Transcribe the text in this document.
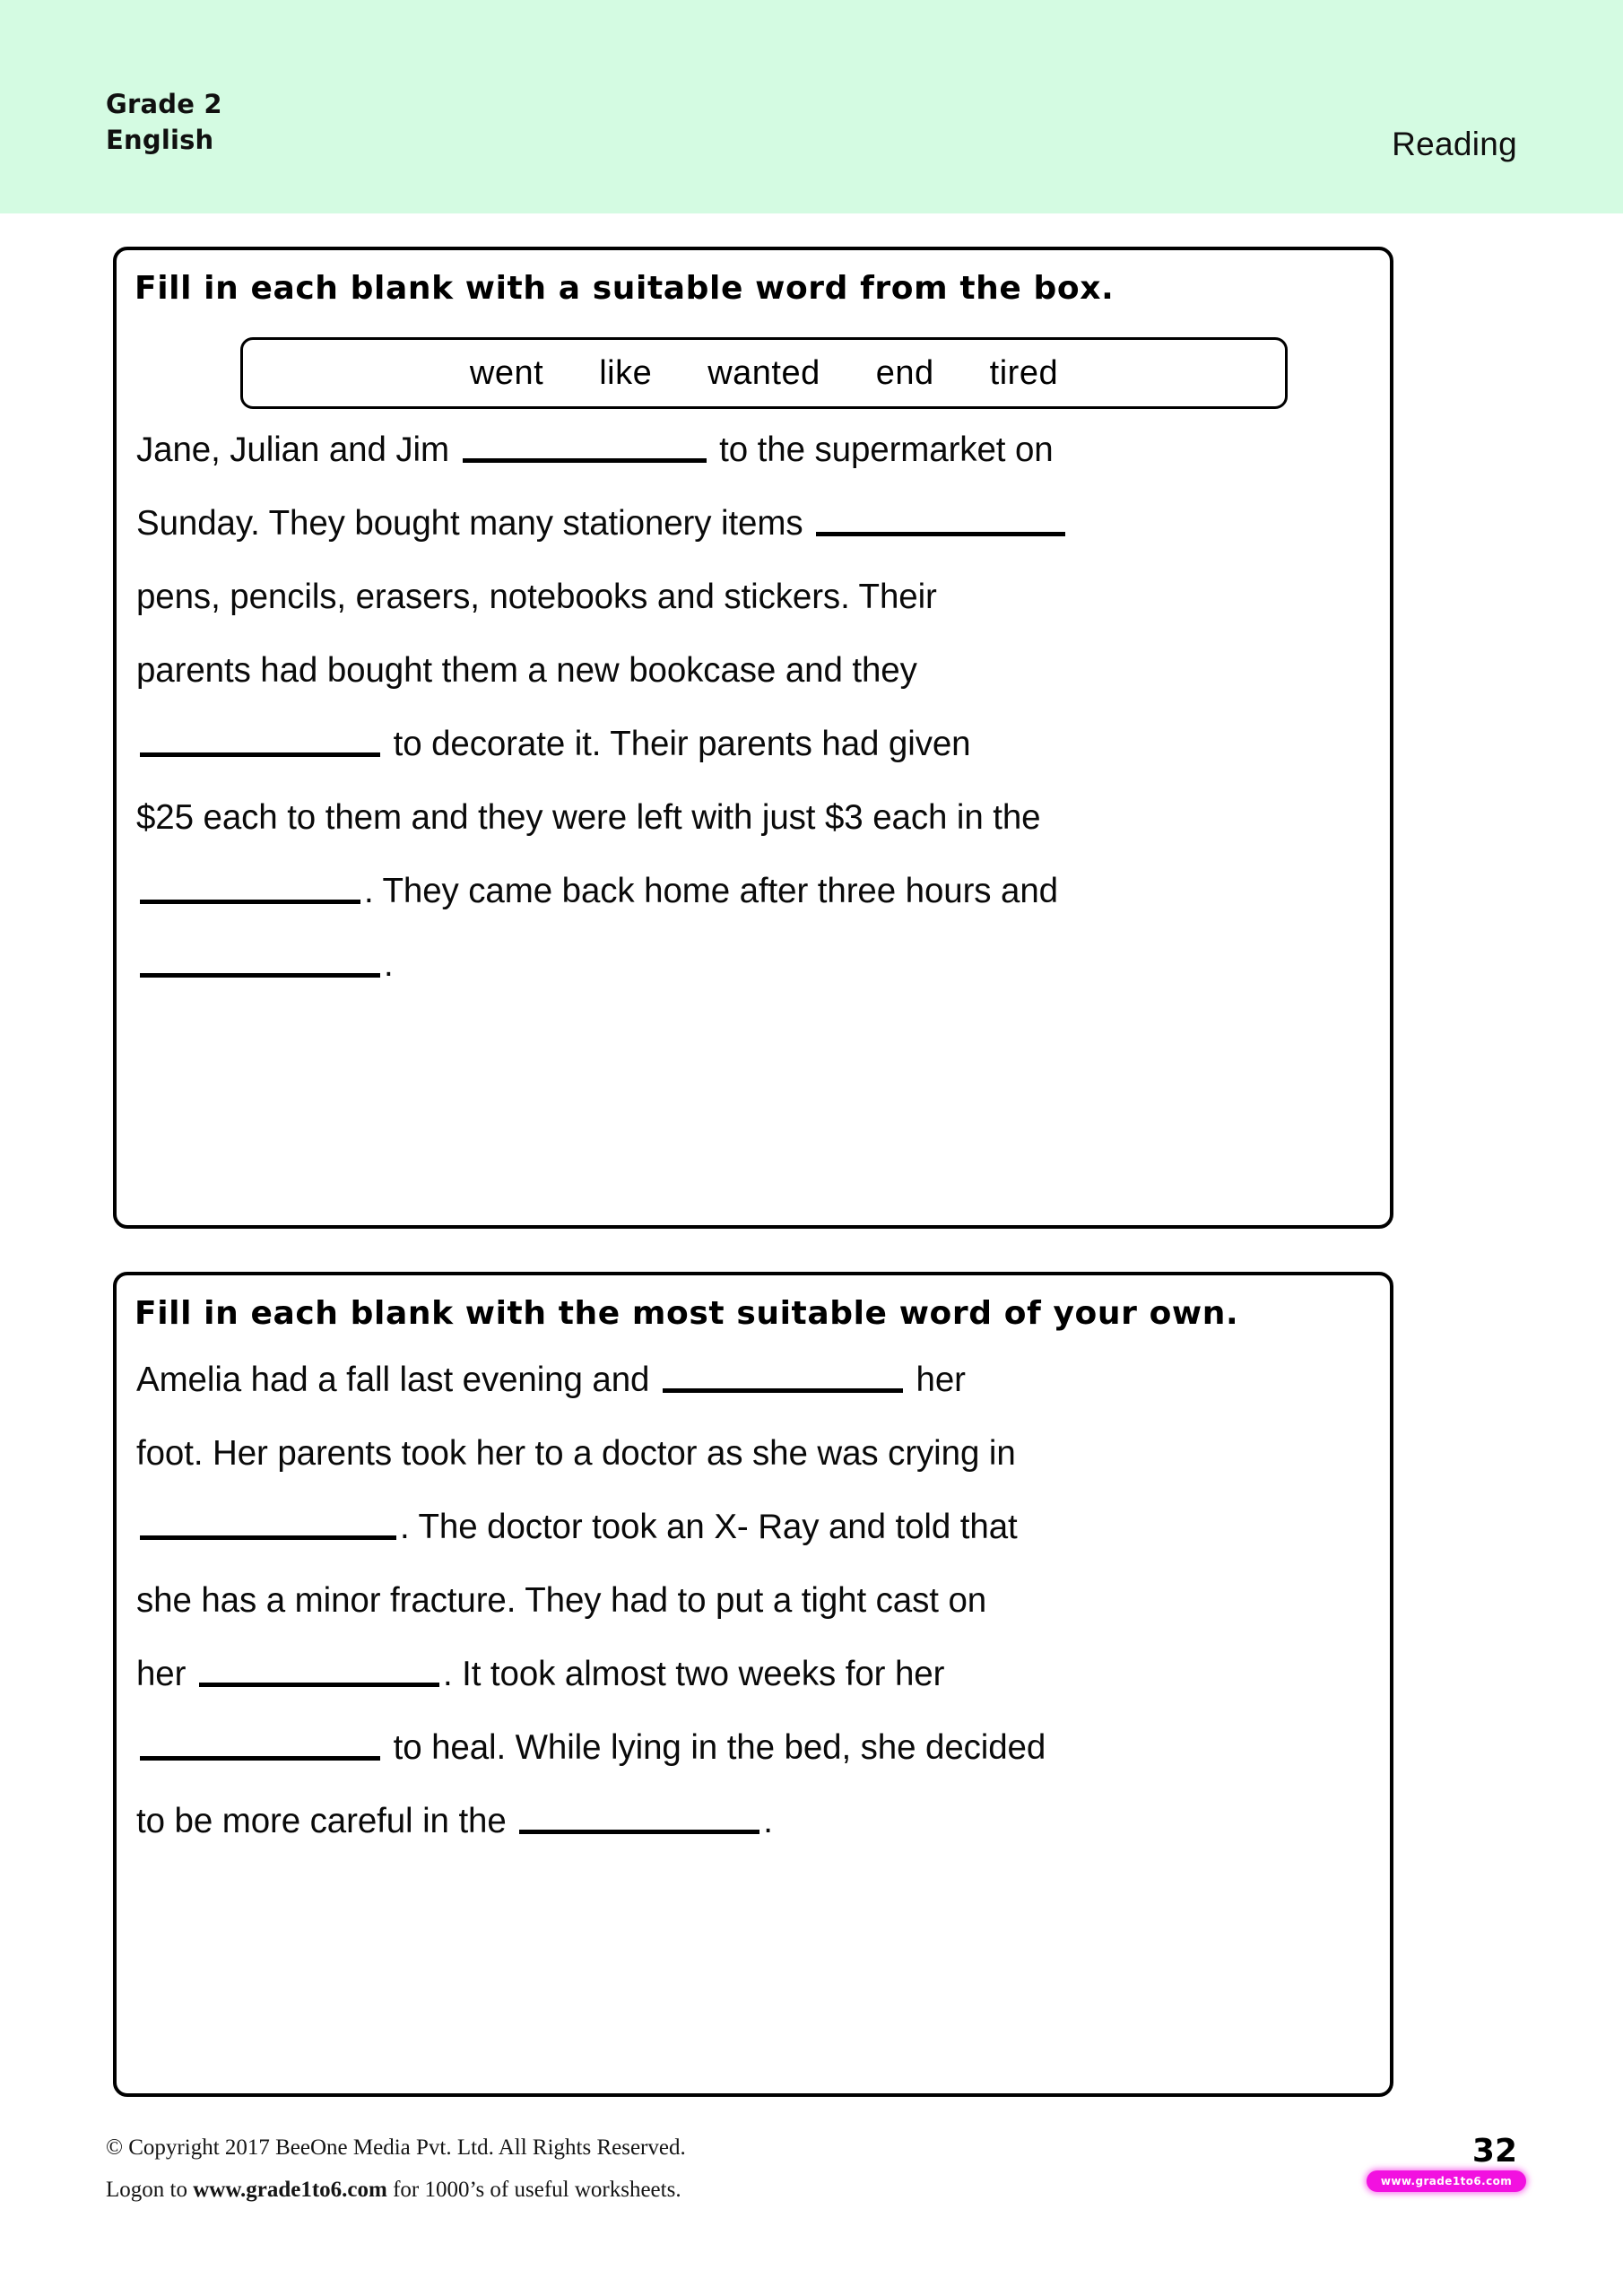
Grade 2
English	Reading
Fill in each blank with a suitable word from the box.
went like wanted end tired
Jane, Julian and Jim	to the supermarket on
Sunday. They bought many stationery items
pens, pencils, erasers, notebooks and stickers. Their
parents had bought them a new bookcase and they
to decorate it. Their parents had given
$25 each to them and they were left with just $3 each in the
. They came back home after three hours and
.
Fill in each blank with the most suitable word of your own.
Amelia had a fall last evening and	her
foot. Her parents took her to a doctor as she was crying in
. The doctor took an X- Ray and told that
she has a minor fracture. They had to put a tight cast on
her	. It took almost two weeks for her
to heal. While lying in the bed, she decided
to be more careful in the	.
© Copyright 2017 BeeOne Media Pvt. Ltd. All Rights Reserved.
Logon to www.grade1to6.com for 1000’s of useful worksheets.
32
www.grade1to6.com
